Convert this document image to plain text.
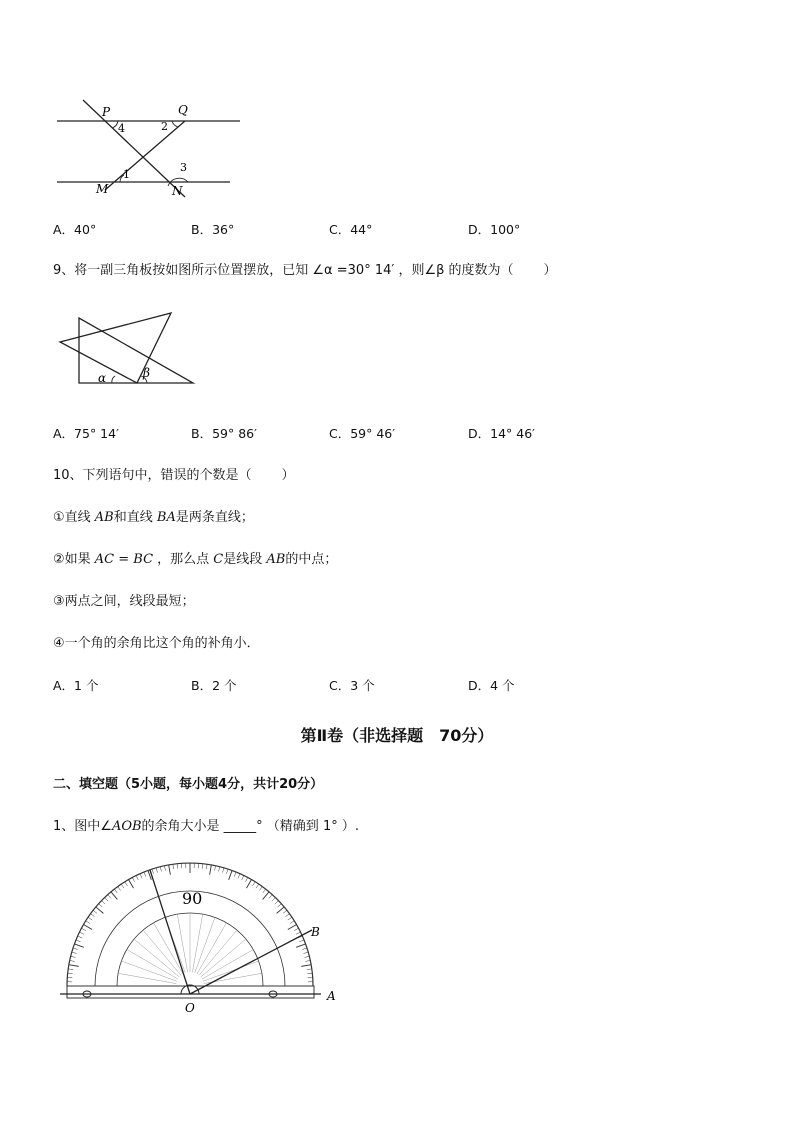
P	Q
M	N
4	2
1
3
A．40°	B．36°	C．44°	D．100°
9、将一副三角板按如图所示位置摆放，已知 ∠α =30° 14′ ，则∠β 的度数为（ ）
α	β
A．75° 14′	B．59° 86′	C．59° 46′	D．14° 46′
10、下列语句中，错误的个数是（ ）
①直线 AB和直线 BA是两条直线；
②如果 AC = BC ，那么点 C是线段 AB的中点；
③两点之间，线段最短；
④一个角的余角比这个角的补角小．
A．1 个	B．2 个	C．3 个	D．4 个
第Ⅱ卷（非选择题　70分）
二、填空题（5小题，每小题4分，共计20分）
1、图中∠AOB的余角大小是 _____° （精确到 1° ）.
90
O
A
B
